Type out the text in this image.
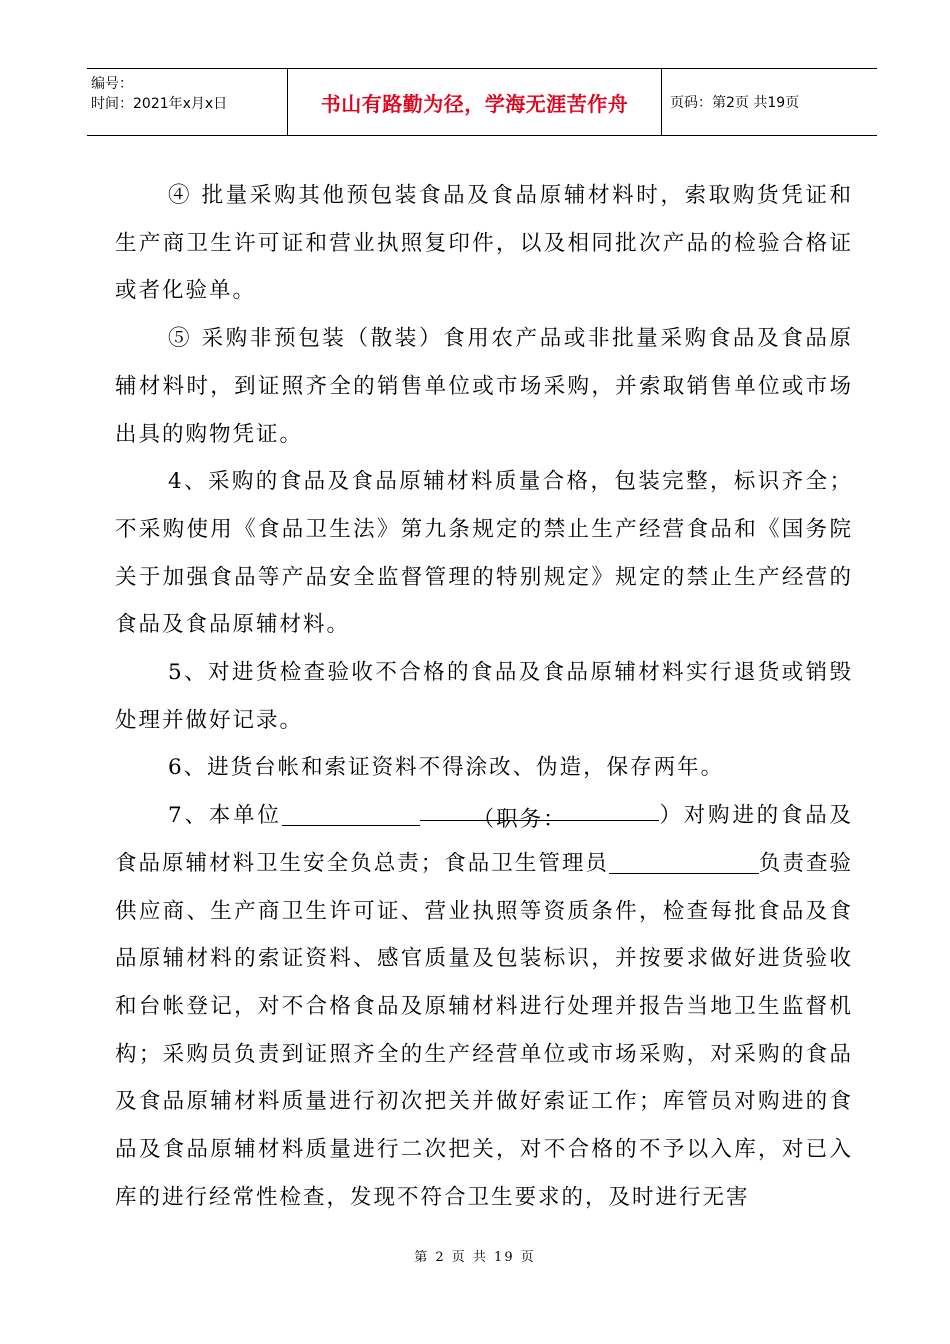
编号：
时间：2021年x月x日	书山有路勤为径，学海无涯苦作舟	页码：第2页 共19页

④ 批量采购其他预包装食品及食品原辅材料时，索取购货凭证和生产商卫生许可证和营业执照复印件，以及相同批次产品的检验合格证或者化验单。

⑤ 采购非预包装（散装）食用农产品或非批量采购食品及食品原辅材料时，到证照齐全的销售单位或市场采购，并索取销售单位或市场出具的购物凭证。

4、采购的食品及食品原辅材料质量合格，包装完整，标识齐全；不采购使用《食品卫生法》第九条规定的禁止生产经营食品和《国务院关于加强食品等产品安全监督管理的特别规定》规定的禁止生产经营的食品及食品原辅材料。

5、对进货检查验收不合格的食品及食品原辅材料实行退货或销毁处理并做好记录。

6、进货台帐和索证资料不得涂改、伪造，保存两年。

7、本单位	（职务：	）对购进的食品及食品原辅材料卫生安全负总责；食品卫生管理员	负责查验供应商、生产商卫生许可证、营业执照等资质条件，检查每批食品及食品原辅材料的索证资料、感官质量及包装标识，并按要求做好进货验收和台帐登记，对不合格食品及原辅材料进行处理并报告当地卫生监督机构；采购员负责到证照齐全的生产经营单位或市场采购，对采购的食品及食品原辅材料质量进行初次把关并做好索证工作；库管员对购进的食品及食品原辅材料质量进行二次把关，对不合格的不予以入库，对已入库的进行经常性检查，发现不符合卫生要求的，及时进行无害

第 2 页 共 19 页
